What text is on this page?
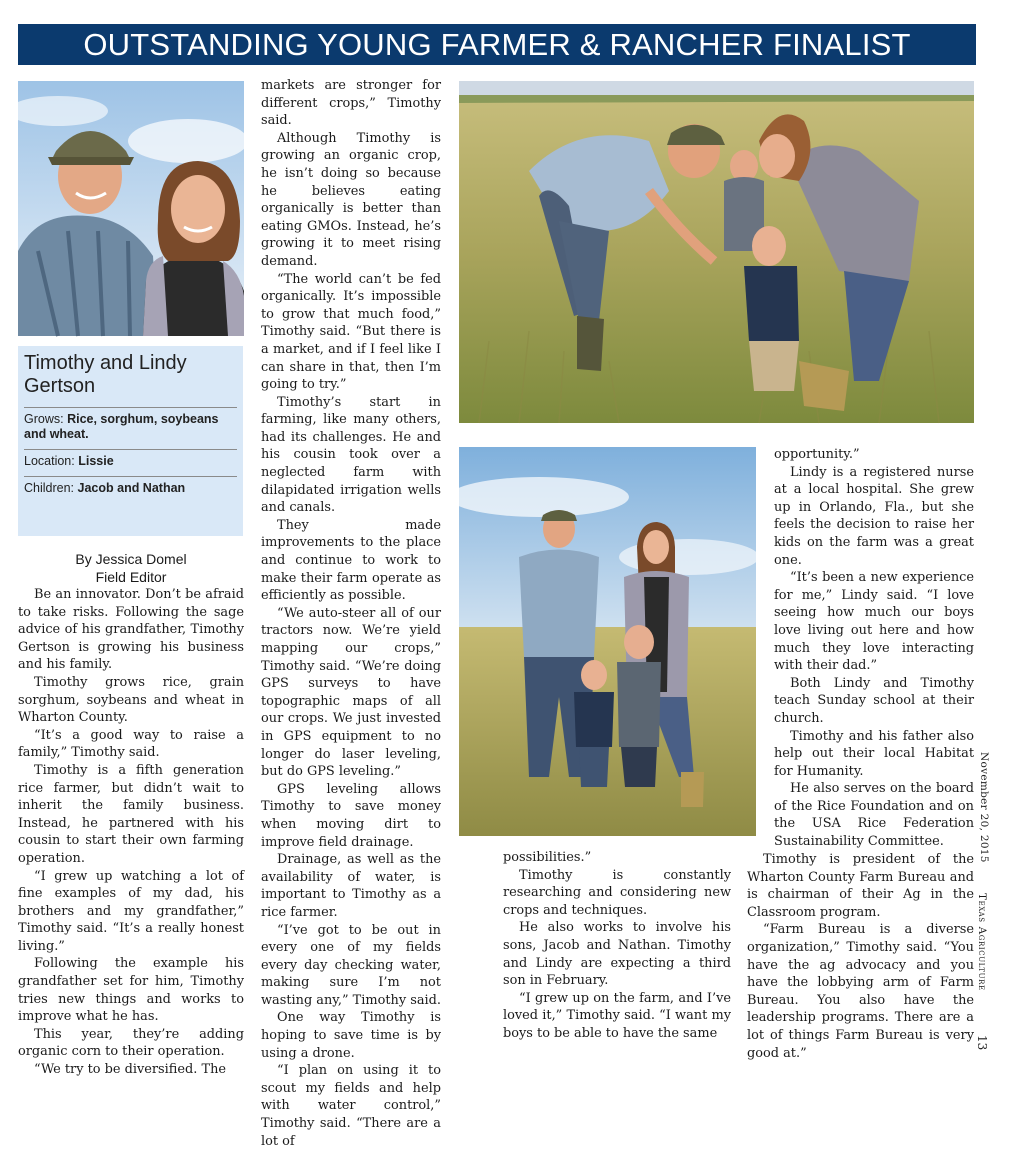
OUTSTANDING YOUNG FARMER & RANCHER FINALIST
Timothy and Lindy Gertson
Grows: Rice, sorghum, soybeans and wheat.
Location: Lissie
Children: Jacob and Nathan
By Jessica Domel
Field Editor

Be an innovator. Don’t be afraid to take risks. Following the sage advice of his grandfather, Timothy Gertson is growing his business and his family.

Timothy grows rice, grain sorghum, soybeans and wheat in Wharton County.

“It’s a good way to raise a family,” Timothy said.

Timothy is a fifth generation rice farmer, but didn’t wait to inherit the family business. Instead, he partnered with his cousin to start their own farming operation.

“I grew up watching a lot of fine examples of my dad, his brothers and my grandfather,” Timothy said. “It’s a really honest living.”

Following the example his grandfather set for him, Timothy tries new things and works to improve what he has.

This year, they’re adding organic corn to their operation.

“We try to be diversified. The

markets are stronger for different crops,” Timothy said.

Although Timothy is growing an organic crop, he isn’t doing so because he believes eating organically is better than eating GMOs. Instead, he’s growing it to meet rising demand.

“The world can’t be fed organically. It’s impossible to grow that much food,” Timothy said. “But there is a market, and if I feel like I can share in that, then I’m going to try.”

Timothy’s start in farming, like many others, had its challenges. He and his cousin took over a neglected farm with dilapidated irrigation wells and canals.

They made improvements to the place and continue to work to make their farm operate as efficiently as possible.

“We auto-steer all of our tractors now. We’re yield mapping our crops,” Timothy said. “We’re doing GPS surveys to have topographic maps of all our crops. We just invested in GPS equipment to no longer do laser leveling, but do GPS leveling.”

GPS leveling allows Timothy to save money when moving dirt to improve field drainage.

Drainage, as well as the availability of water, is important to Timothy as a rice farmer.

“I’ve got to be out in every one of my fields every day checking water, making sure I’m not wasting any,” Timothy said.

One way Timothy is hoping to save time is by using a drone.

“I plan on using it to scout my fields and help with water control,” Timothy said. “There are a lot of

possibilities.”

Timothy is constantly researching and considering new crops and techniques.

He also works to involve his sons, Jacob and Nathan. Timothy and Lindy are expecting a third son in February.

“I grew up on the farm, and I’ve loved it,” Timothy said. “I want my boys to be able to have the same

opportunity.”

Lindy is a registered nurse at a local hospital. She grew up in Orlando, Fla., but she feels the decision to raise her kids on the farm was a great one.

“It’s been a new experience for me,” Lindy said. “I love seeing how much our boys love living out here and how much they love interacting with their dad.”

Both Lindy and Timothy teach Sunday school at their church.

Timothy and his father also help out their local Habitat for Humanity.

He also serves on the board of the Rice Foundation and on the USA Rice Federation Sustainability Committee.

Timothy is president of the Wharton County Farm Bureau and is chairman of their Ag in the Classroom program.

“Farm Bureau is a diverse organization,” Timothy said. “You have the ag advocacy and you have the lobbying arm of Farm Bureau. You also have the leadership programs. There are a lot of things Farm Bureau is very good at.”

November 20, 2015
Texas Agriculture
13
